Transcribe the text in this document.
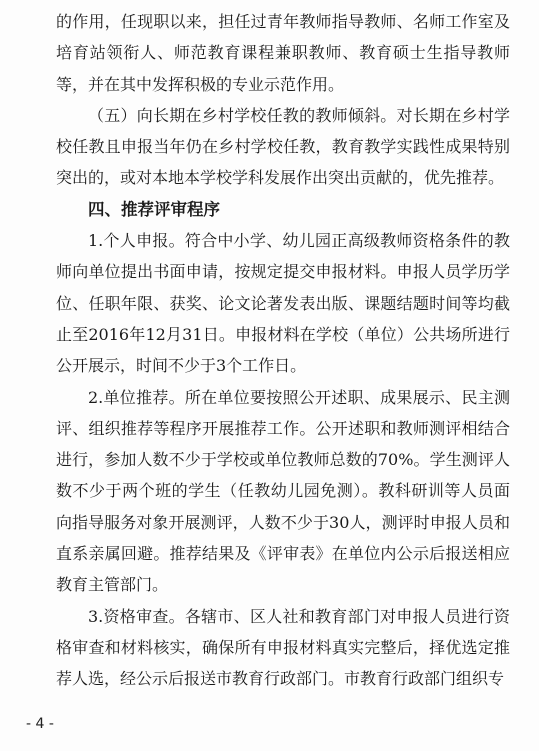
的作用，任现职以来，担任过青年教师指导教师、名师工作室及培育站领衔人、师范教育课程兼职教师、教育硕士生指导教师等，并在其中发挥积极的专业示范作用。

（五）向长期在乡村学校任教的教师倾斜。对长期在乡村学校任教且申报当年仍在乡村学校任教，教育教学实践性成果特别突出的，或对本地本学校学科发展作出突出贡献的，优先推荐。

四、推荐评审程序

1.个人申报。符合中小学、幼儿园正高级教师资格条件的教师向单位提出书面申请，按规定提交申报材料。申报人员学历学位、任职年限、获奖、论文论著发表出版、课题结题时间等均截止至2016年12月31日。申报材料在学校（单位）公共场所进行公开展示，时间不少于3个工作日。

2.单位推荐。所在单位要按照公开述职、成果展示、民主测评、组织推荐等程序开展推荐工作。公开述职和教师测评相结合进行，参加人数不少于学校或单位教师总数的70%。学生测评人数不少于两个班的学生（任教幼儿园免测）。教科研训等人员面向指导服务对象开展测评，人数不少于30人，测评时申报人员和直系亲属回避。推荐结果及《评审表》在单位内公示后报送相应教育主管部门。

3.资格审查。各辖市、区人社和教育部门对申报人员进行资格审查和材料核实，确保所有申报材料真实完整后，择优选定推荐人选，经公示后报送市教育行政部门。市教育行政部门组织专

- 4 -
